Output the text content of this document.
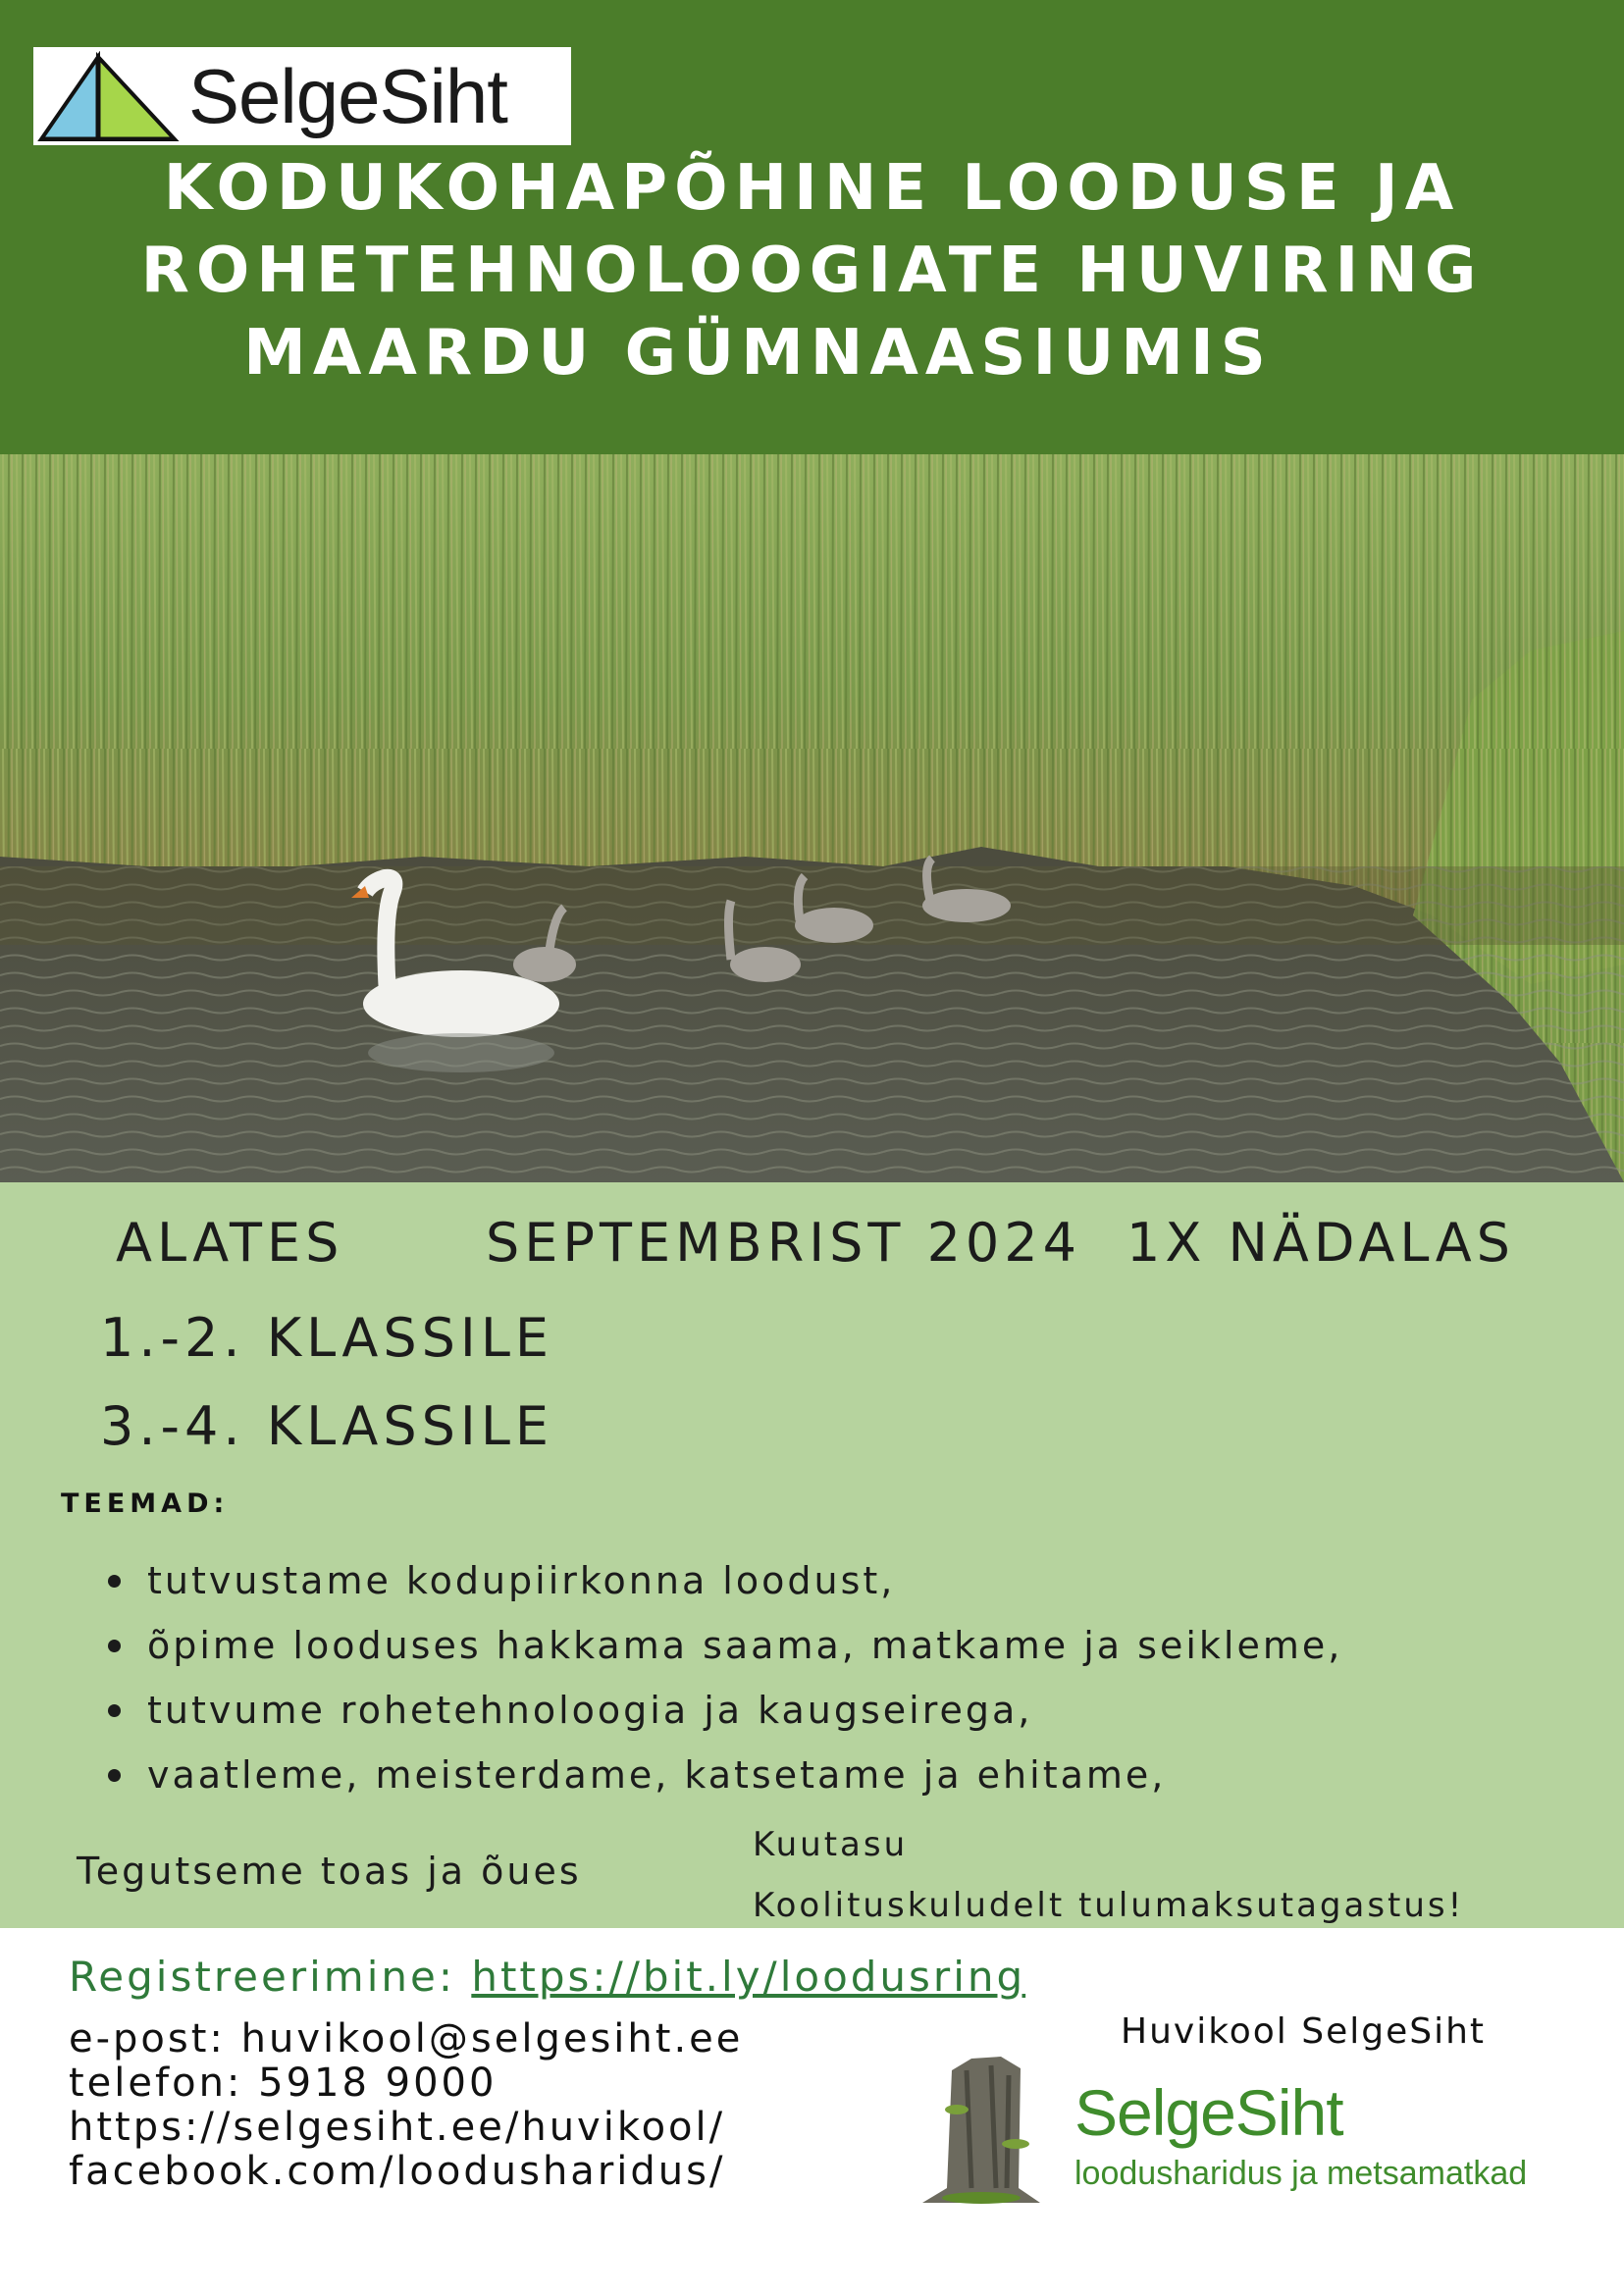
SelgeSiht
KODUKOHAPÕHINE LOODUSE JA
ROHETEHNOLOOGIATE HUVIRING
MAARDU GÜMNAASIUMIS
ALATES	SEPTEMBRIST 2024 1X NÄDALAS
1.-2. KLASSILE
3.-4. KLASSILE
TEEMAD:
tutvustame kodupiirkonna loodust,
õpime looduses hakkama saama, matkame ja seikleme,
tutvume rohetehnoloogia ja kaugseirega,
vaatleme, meisterdame, katsetame ja ehitame,
Tegutseme toas ja õues
Kuutasu
Koolituskuludelt tulumaksutagastus!
Registreerimine: https://bit.ly/loodusring
e-post: huvikool@selgesiht.ee
telefon: 5918 9000
https://selgesiht.ee/huvikool/
facebook.com/loodusharidus/
Huvikool SelgeSiht
SelgeSiht
loodusharidus ja metsamatkad
